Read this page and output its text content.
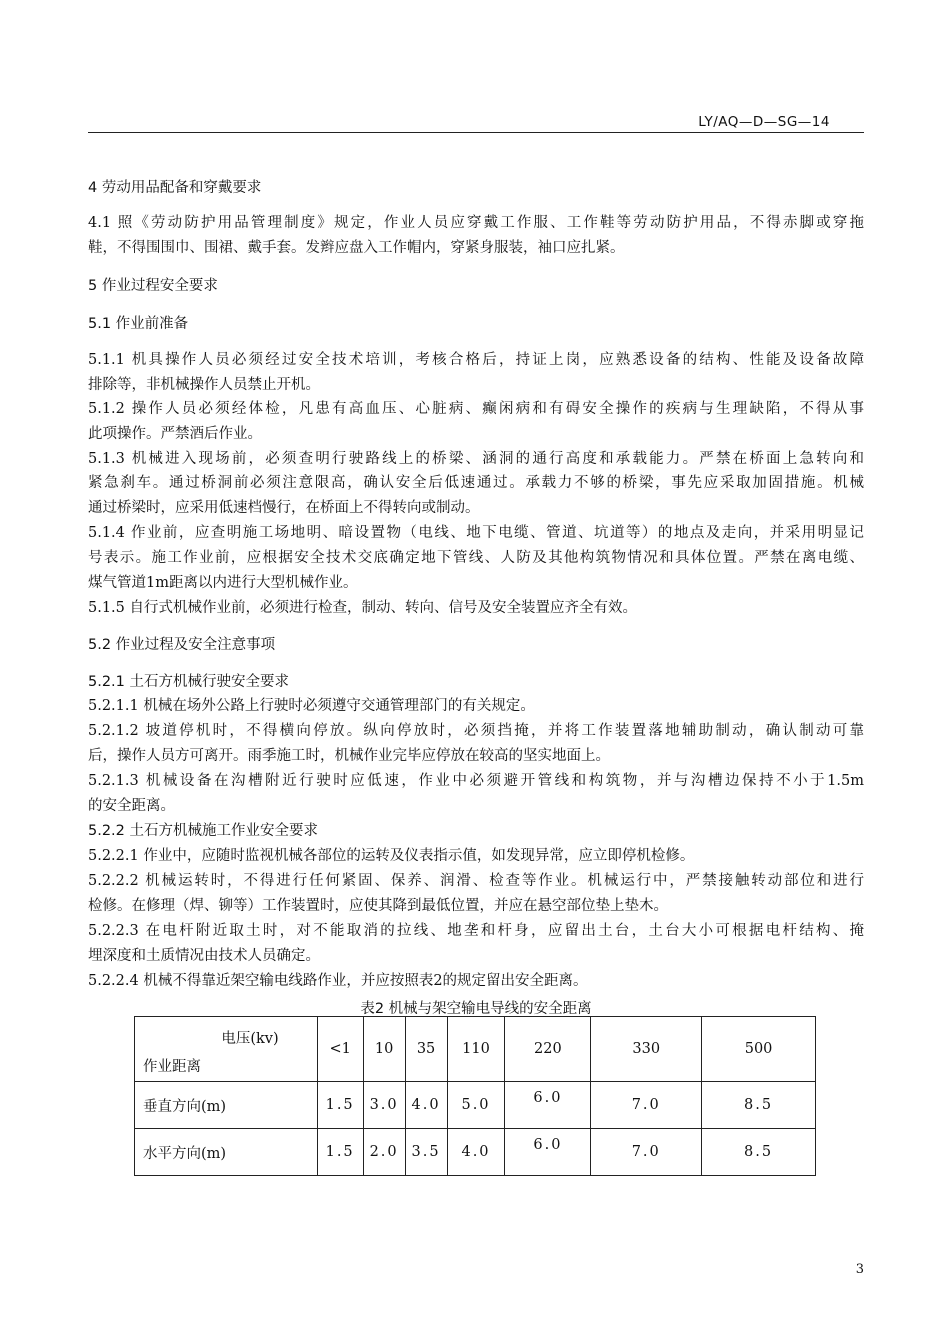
LY/AQ—D—SG—14
4 劳动用品配备和穿戴要求
4.1 照《劳动防护用品管理制度》规定，作业人员应穿戴工作服、工作鞋等劳动防护用品，不得赤脚或穿拖
鞋，不得围围巾、围裙、戴手套。发辫应盘入工作帽内，穿紧身服装，袖口应扎紧。
5 作业过程安全要求
5.1 作业前准备
5.1.1 机具操作人员必须经过安全技术培训，考核合格后，持证上岗，应熟悉设备的结构、性能及设备故障
排除等，非机械操作人员禁止开机。
5.1.2 操作人员必须经体检，凡患有高血压、心脏病、癫闲病和有碍安全操作的疾病与生理缺陷，不得从事
此项操作。严禁酒后作业。
5.1.3 机械进入现场前，必须查明行驶路线上的桥梁、涵洞的通行高度和承载能力。严禁在桥面上急转向和
紧急刹车。通过桥洞前必须注意限高，确认安全后低速通过。承载力不够的桥梁，事先应采取加固措施。机械
通过桥梁时，应采用低速档慢行，在桥面上不得转向或制动。
5.1.4 作业前，应查明施工场地明、暗设置物（电线、地下电缆、管道、坑道等）的地点及走向，并采用明显记
号表示。施工作业前，应根据安全技术交底确定地下管线、人防及其他构筑物情况和具体位置。严禁在离电缆、
煤气管道1m距离以内进行大型机械作业。
5.1.5 自行式机械作业前，必须进行检查，制动、转向、信号及安全装置应齐全有效。
5.2 作业过程及安全注意事项
5.2.1 土石方机械行驶安全要求
5.2.1.1 机械在场外公路上行驶时必须遵守交通管理部门的有关规定。
5.2.1.2 坡道停机时，不得横向停放。纵向停放时，必须挡掩，并将工作装置落地辅助制动，确认制动可靠
后，操作人员方可离开。雨季施工时，机械作业完毕应停放在较高的坚实地面上。
5.2.1.3 机械设备在沟槽附近行驶时应低速，作业中必须避开管线和构筑物，并与沟槽边保持不小于1.5m
的安全距离。
5.2.2 土石方机械施工作业安全要求
5.2.2.1 作业中，应随时监视机械各部位的运转及仪表指示值，如发现异常，应立即停机检修。
5.2.2.2 机械运转时，不得进行任何紧固、保养、润滑、检查等作业。机械运行中，严禁接触转动部位和进行
检修。在修理（焊、铆等）工作装置时，应使其降到最低位置，并应在悬空部位垫上垫木。
5.2.2.3 在电杆附近取土时，对不能取消的拉线、地垄和杆身，应留出土台，土台大小可根据电杆结构、掩
埋深度和土质情况由技术人员确定。
5.2.2.4 机械不得靠近架空输电线路作业，并应按照表2的规定留出安全距离。
表2 机械与架空输电导线的安全距离
电压(kv)
作业距离	<1	10	35	110	220	330	500
垂直方向(m)	1.5	3.0	4.0	5.0	6.0	7.0	8.5
水平方向(m)	1.5	2.0	3.5	4.0	6.0	7.0	8.5
3
